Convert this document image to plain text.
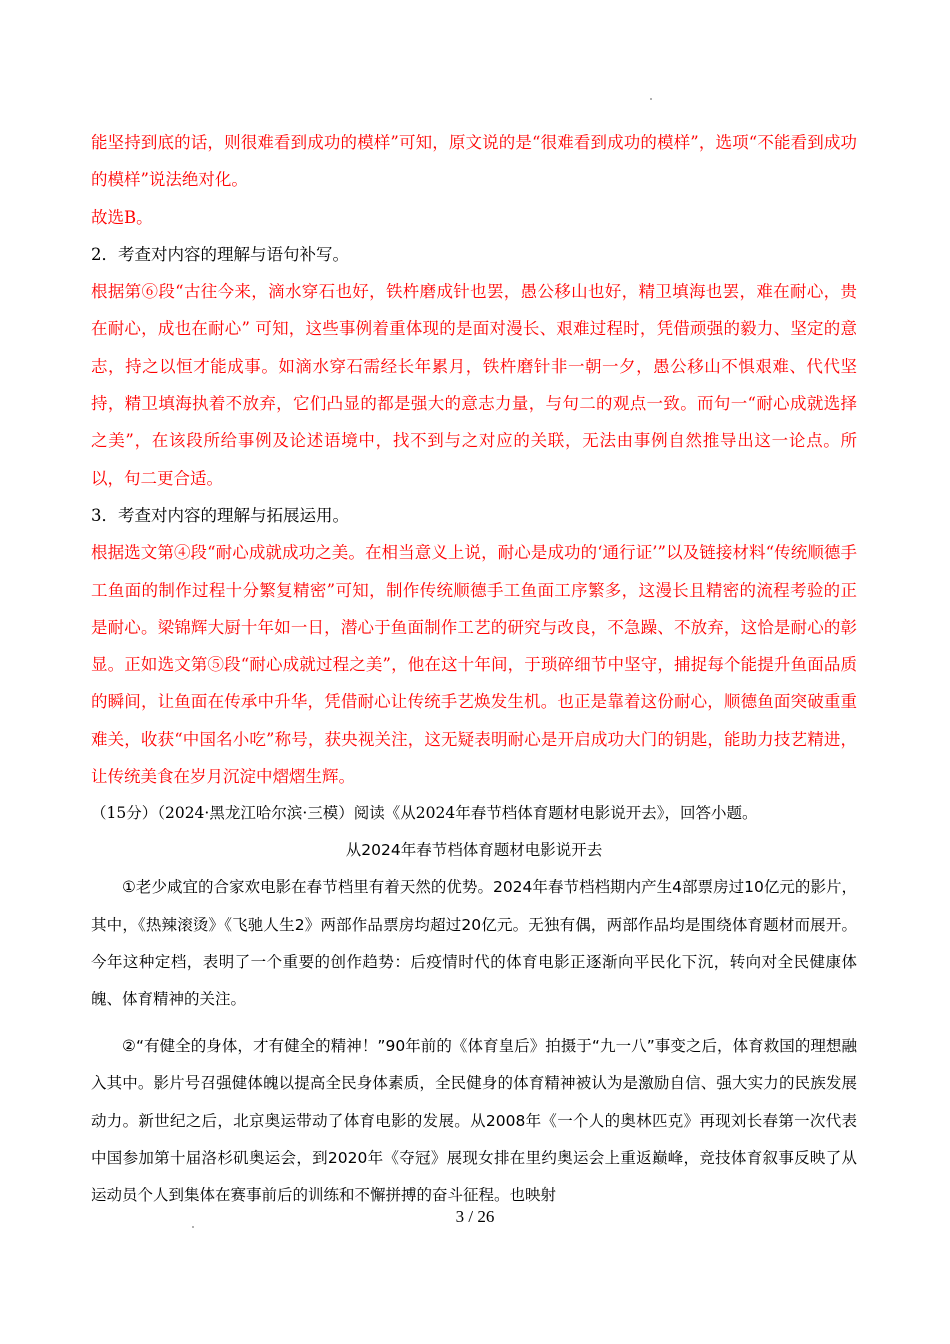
能坚持到底的话，则很难看到成功的模样”可知，原文说的是“很难看到成功的模样”，选项“不能看到成功的模样”说法绝对化。

故选B。

2．考查对内容的理解与语句补写。

根据第⑥段“古往今来，滴水穿石也好，铁杵磨成针也罢，愚公移山也好，精卫填海也罢，难在耐心，贵在耐心，成也在耐心” 可知，这些事例着重体现的是面对漫长、艰难过程时，凭借顽强的毅力、坚定的意志，持之以恒才能成事。如滴水穿石需经长年累月，铁杵磨针非一朝一夕，愚公移山不惧艰难、代代坚持，精卫填海执着不放弃，它们凸显的都是强大的意志力量，与句二的观点一致。而句一“耐心成就选择之美”，在该段所给事例及论述语境中，找不到与之对应的关联，无法由事例自然推导出这一论点。所以，句二更合适。

3．考查对内容的理解与拓展运用。

根据选文第④段“耐心成就成功之美。在相当意义上说，耐心是成功的‘通行证’”以及链接材料“传统顺德手工鱼面的制作过程十分繁复精密”可知，制作传统顺德手工鱼面工序繁多，这漫长且精密的流程考验的正是耐心。梁锦辉大厨十年如一日，潜心于鱼面制作工艺的研究与改良，不急躁、不放弃，这恰是耐心的彰显。正如选文第⑤段“耐心成就过程之美”，他在这十年间，于琐碎细节中坚守，捕捉每个能提升鱼面品质的瞬间，让鱼面在传承中升华，凭借耐心让传统手艺焕发生机。也正是靠着这份耐心，顺德鱼面突破重重难关，收获“中国名小吃”称号，获央视关注，这无疑表明耐心是开启成功大门的钥匙，能助力技艺精进，让传统美食在岁月沉淀中熠熠生辉。

（15分）（2024·黑龙江哈尔滨·三模）阅读《从2024年春节档体育题材电影说开去》，回答小题。

从2024年春节档体育题材电影说开去

①老少咸宜的合家欢电影在春节档里有着天然的优势。2024年春节档档期内产生4部票房过10亿元的影片，其中，《热辣滚烫》《飞驰人生2》两部作品票房均超过20亿元。无独有偶，两部作品均是围绕体育题材而展开。今年这种定档，表明了一个重要的创作趋势：后疫情时代的体育电影正逐渐向平民化下沉，转向对全民健康体魄、体育精神的关注。

②“有健全的身体，才有健全的精神！”90年前的《体育皇后》拍摄于“九一八”事变之后，体育救国的理想融入其中。影片号召强健体魄以提高全民身体素质，全民健身的体育精神被认为是激励自信、强大实力的民族发展动力。新世纪之后，北京奥运带动了体育电影的发展。从2008年《一个人的奥林匹克》再现刘长春第一次代表中国参加第十届洛杉矶奥运会，到2020年《夺冠》展现女排在里约奥运会上重返巅峰，竞技体育叙事反映了从运动员个人到集体在赛事前后的训练和不懈拼搏的奋斗征程。也映射

3 / 26
